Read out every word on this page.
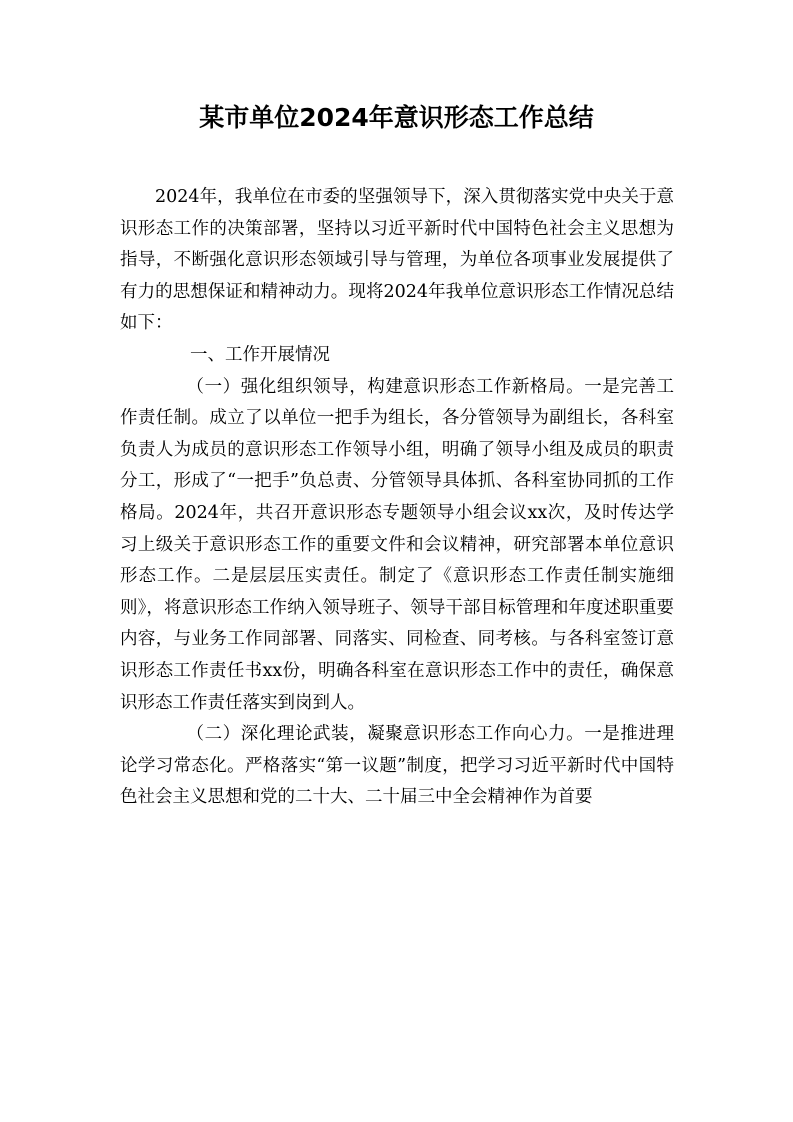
某市单位2024年意识形态工作总结

2024年，我单位在市委的坚强领导下，深入贯彻落实党中央关于意识形态工作的决策部署，坚持以习近平新时代中国特色社会主义思想为指导，不断强化意识形态领域引导与管理，为单位各项事业发展提供了有力的思想保证和精神动力。现将2024年我单位意识形态工作情况总结如下：

一、工作开展情况

（一）强化组织领导，构建意识形态工作新格局。一是完善工作责任制。成立了以单位一把手为组长，各分管领导为副组长，各科室负责人为成员的意识形态工作领导小组，明确了领导小组及成员的职责分工，形成了“一把手”负总责、分管领导具体抓、各科室协同抓的工作格局。2024年，共召开意识形态专题领导小组会议xx次，及时传达学习上级关于意识形态工作的重要文件和会议精神，研究部署本单位意识形态工作。二是层层压实责任。制定了《意识形态工作责任制实施细则》，将意识形态工作纳入领导班子、领导干部目标管理和年度述职重要内容，与业务工作同部署、同落实、同检查、同考核。与各科室签订意识形态工作责任书xx份，明确各科室在意识形态工作中的责任，确保意识形态工作责任落实到岗到人。

（二）深化理论武装，凝聚意识形态工作向心力。一是推进理论学习常态化。严格落实“第一议题”制度，把学习习近平新时代中国特色社会主义思想和党的二十大、二十届三中全会精神作为首要
